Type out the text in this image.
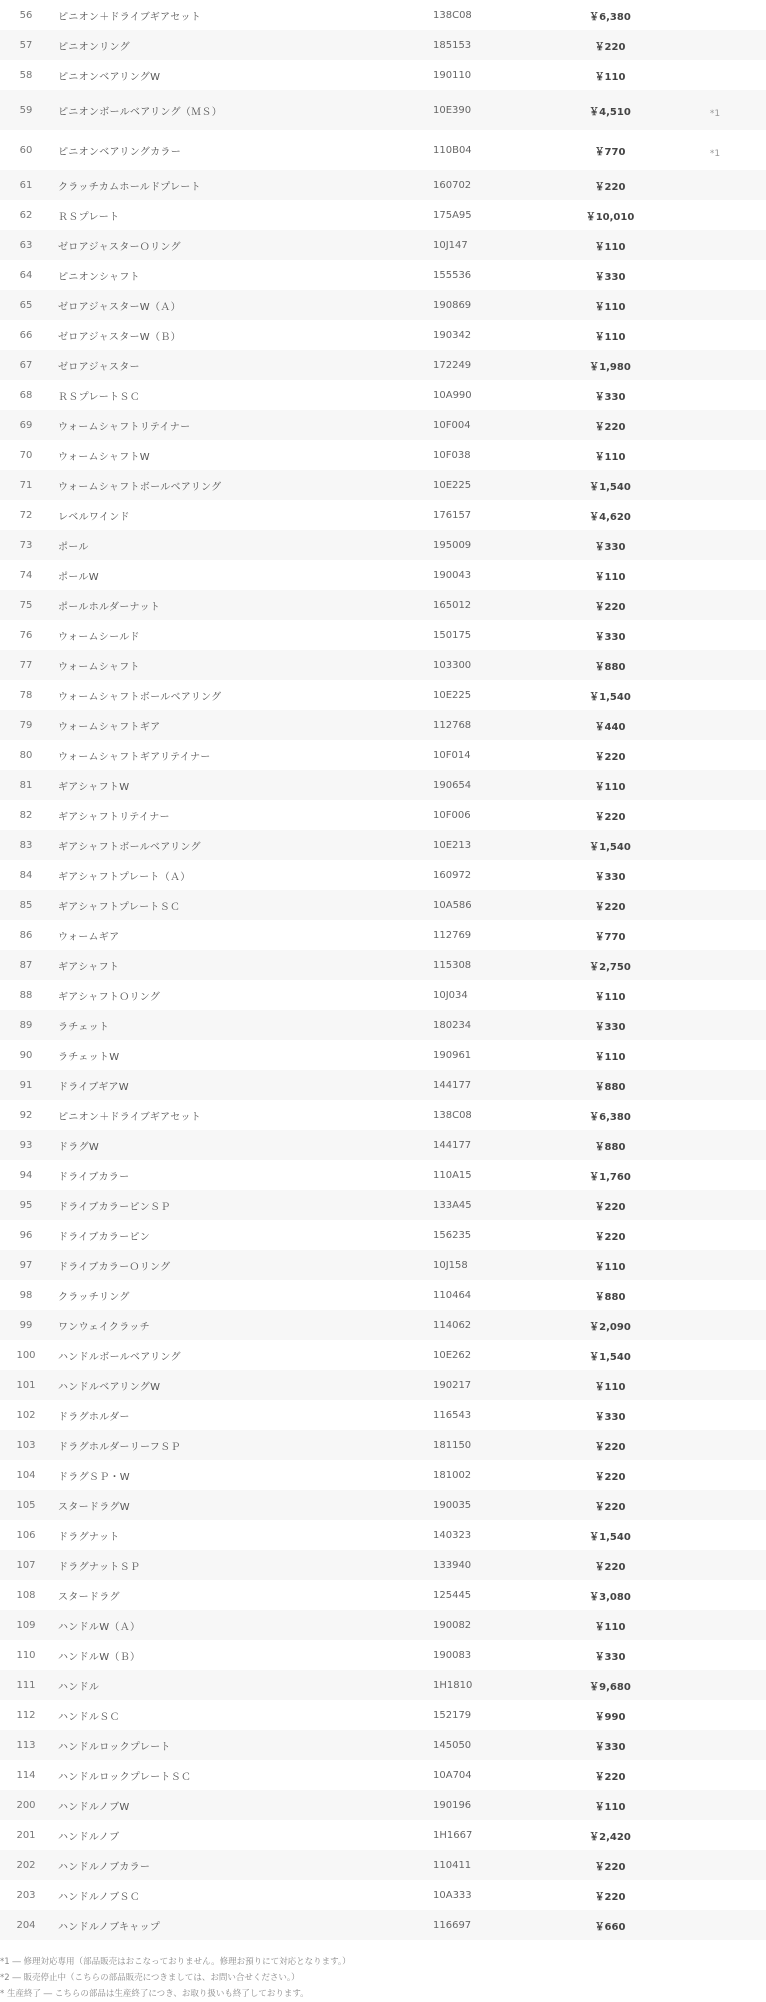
56	ピニオン＋ドライブギアセット	138C08	￥6,380
57	ピニオンリング	185153	￥220
58	ピニオンベアリングW	190110	￥110
59	ピニオンボールベアリング（ＭＳ）	10E390	￥4,510	*1
60	ピニオンベアリングカラー	110B04	￥770	*1
61	クラッチカムホールドプレート	160702	￥220
62	ＲＳプレート	175A95	￥10,010
63	ゼロアジャスターＯリング	10J147	￥110
64	ピニオンシャフト	155536	￥330
65	ゼロアジャスターW（Ａ）	190869	￥110
66	ゼロアジャスターW（Ｂ）	190342	￥110
67	ゼロアジャスター	172249	￥1,980
68	ＲＳプレートＳＣ	10A990	￥330
69	ウォームシャフトリテイナー	10F004	￥220
70	ウォームシャフトW	10F038	￥110
71	ウォームシャフトボールベアリング	10E225	￥1,540
72	レベルワインド	176157	￥4,620
73	ポール	195009	￥330
74	ポールW	190043	￥110
75	ポールホルダーナット	165012	￥220
76	ウォームシールド	150175	￥330
77	ウォームシャフト	103300	￥880
78	ウォームシャフトボールベアリング	10E225	￥1,540
79	ウォームシャフトギア	112768	￥440
80	ウォームシャフトギアリテイナー	10F014	￥220
81	ギアシャフトW	190654	￥110
82	ギアシャフトリテイナー	10F006	￥220
83	ギアシャフトボールベアリング	10E213	￥1,540
84	ギアシャフトプレート（Ａ）	160972	￥330
85	ギアシャフトプレートＳＣ	10A586	￥220
86	ウォームギア	112769	￥770
87	ギアシャフト	115308	￥2,750
88	ギアシャフトＯリング	10J034	￥110
89	ラチェット	180234	￥330
90	ラチェットW	190961	￥110
91	ドライブギアW	144177	￥880
92	ピニオン＋ドライブギアセット	138C08	￥6,380
93	ドラグW	144177	￥880
94	ドライブカラー	110A15	￥1,760
95	ドライブカラーピンＳＰ	133A45	￥220
96	ドライブカラーピン	156235	￥220
97	ドライブカラーＯリング	10J158	￥110
98	クラッチリング	110464	￥880
99	ワンウェイクラッチ	114062	￥2,090
100	ハンドルボールベアリング	10E262	￥1,540
101	ハンドルベアリングW	190217	￥110
102	ドラグホルダー	116543	￥330
103	ドラグホルダーリーフＳＰ	181150	￥220
104	ドラグＳＰ・W	181002	￥220
105	スタードラグW	190035	￥220
106	ドラグナット	140323	￥1,540
107	ドラグナットＳＰ	133940	￥220
108	スタードラグ	125445	￥3,080
109	ハンドルW（Ａ）	190082	￥110
110	ハンドルW（Ｂ）	190083	￥330
111	ハンドル	1H1810	￥9,680
112	ハンドルＳＣ	152179	￥990
113	ハンドルロックプレート	145050	￥330
114	ハンドルロックプレートＳＣ	10A704	￥220
200	ハンドルノブW	190196	￥110
201	ハンドルノブ	1H1667	￥2,420
202	ハンドルノブカラー	110411	￥220
203	ハンドルノブＳＣ	10A333	￥220
204	ハンドルノブキャップ	116697	￥660
*1 ― 修理対応専用（部品販売はおこなっておりません。修理お預りにて対応となります。）
*2 ― 販売停止中（こちらの部品販売につきましては、お問い合せください。）
* 生産終了 ― こちらの部品は生産終了につき、お取り扱いも終了しております。
